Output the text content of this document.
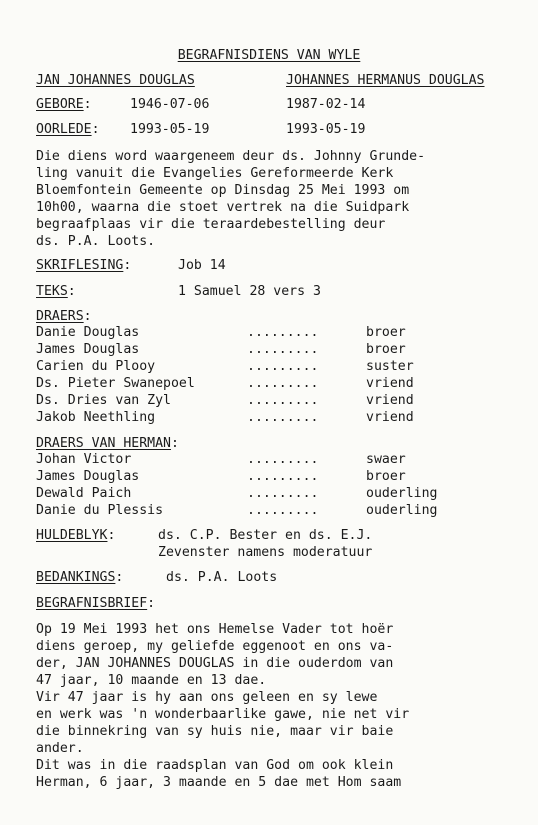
BEGRAFNISDIENS VAN WYLE
JAN JOHANNES DOUGLAS	JOHANNES HERMANUS DOUGLAS
GEBORE:	1946-07-06	1987-02-14
OORLEDE: 1993-05-19	1993-05-19
Die diens word waargeneem deur ds. Johnny Grunde-
ling vanuit die Evangelies Gereformeerde Kerk
Bloemfontein Gemeente op Dinsdag 25 Mei 1993 om
10h00, waarna die stoet vertrek na die Suidpark
begraafplaas vir die teraardebestelling deur
ds. P.A. Loots.
SKRIFLESING:	Job 14
TEKS:	1 Samuel 28 vers 3
DRAERS:
Danie Douglas	.........	broer
James Douglas	.........	broer
Carien du Plooy	.........	suster
Ds. Pieter Swanepoel	.........	vriend
Ds. Dries van Zyl	.........	vriend
Jakob Neethling	.........	vriend
DRAERS VAN HERMAN:
Johan Victor	.........	swaer
James Douglas	.........	broer
Dewald Paich	.........	ouderling
Danie du Plessis	.........	ouderling
HULDEBLYK:	ds. C.P. Bester en ds. E.J.
Zevenster namens moderatuur
BEDANKINGS:	ds. P.A. Loots
BEGRAFNISBRIEF:
Op 19 Mei 1993 het ons Hemelse Vader tot hoër
diens geroep, my geliefde eggenoot en ons va-
der, JAN JOHANNES DOUGLAS in die ouderdom van
47 jaar, 10 maande en 13 dae.
Vir 47 jaar is hy aan ons geleen en sy lewe
en werk was 'n wonderbaarlike gawe, nie net vir
die binnekring van sy huis nie, maar vir baie
ander.
Dit was in die raadsplan van God om ook klein
Herman, 6 jaar, 3 maande en 5 dae met Hom saam
